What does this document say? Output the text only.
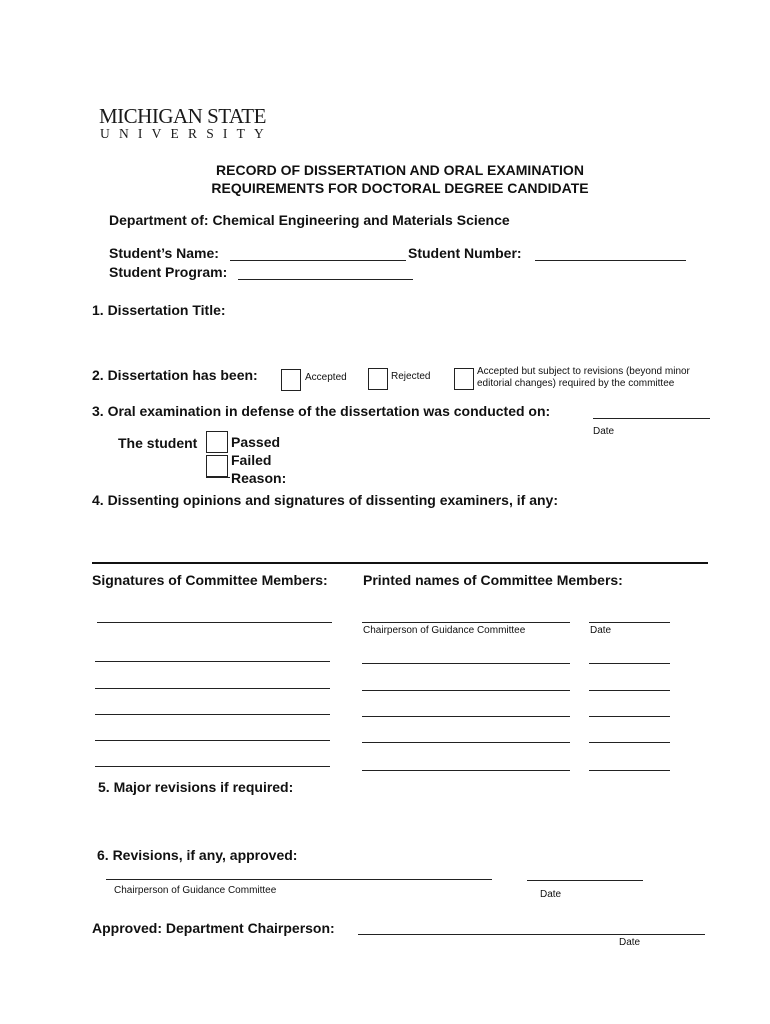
MICHIGAN STATE
UNIVERSITY
RECORD OF DISSERTATION AND ORAL EXAMINATION
REQUIREMENTS FOR DOCTORAL DEGREE CANDIDATE
Department of: Chemical Engineering and Materials Science
Student’s Name:	Student Number:
Student Program:
1. Dissertation Title:
2. Dissertation has been:	Accepted	Rejected	Accepted but subject to revisions (beyond minor
editorial changes) required by the committee
3. Oral examination in defense of the dissertation was conducted on:
Date
The student Passed
Failed
Reason:
4. Dissenting opinions and signatures of dissenting examiners, if any:
Signatures of Committee Members:	Printed names of Committee Members:
Chairperson of Guidance Committee	Date
5. Major revisions if required:
6. Revisions, if any, approved:
Chairperson of Guidance Committee	Date
Approved: Department Chairperson:
Date
